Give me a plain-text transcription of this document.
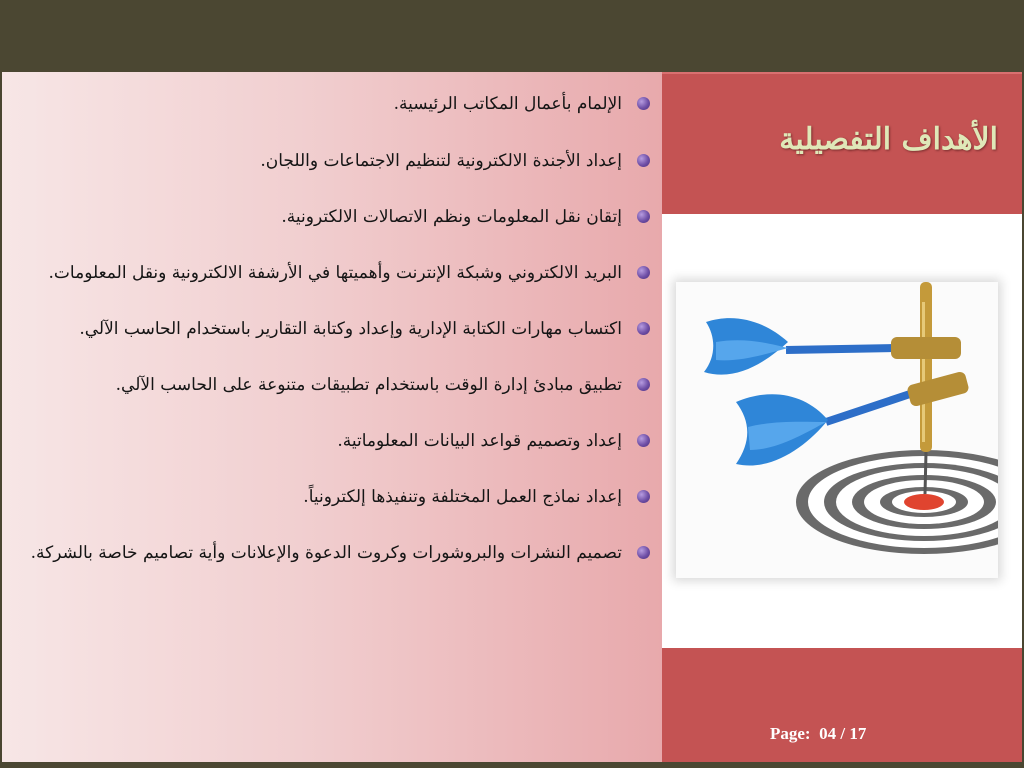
الأهداف التفصيلية
Page: 04 / 17
الإلمام بأعمال المكاتب الرئيسية.
إعداد الأجندة الالكترونية لتنظيم الاجتماعات واللجان.
إتقان نقل المعلومات ونظم الاتصالات الالكترونية.
البريد الالكتروني وشبكة الإنترنت وأهميتها في الأرشفة الالكترونية ونقل المعلومات.
اكتساب مهارات الكتابة الإدارية وإعداد وكتابة التقارير باستخدام الحاسب الآلي.
تطبيق مبادئ إدارة الوقت باستخدام تطبيقات متنوعة على الحاسب الآلي.
إعداد وتصميم قواعد البيانات المعلوماتية.
إعداد نماذج العمل المختلفة وتنفيذها إلكترونياً.
تصميم النشرات والبروشورات وكروت الدعوة والإعلانات وأية تصاميم خاصة بالشركة.
